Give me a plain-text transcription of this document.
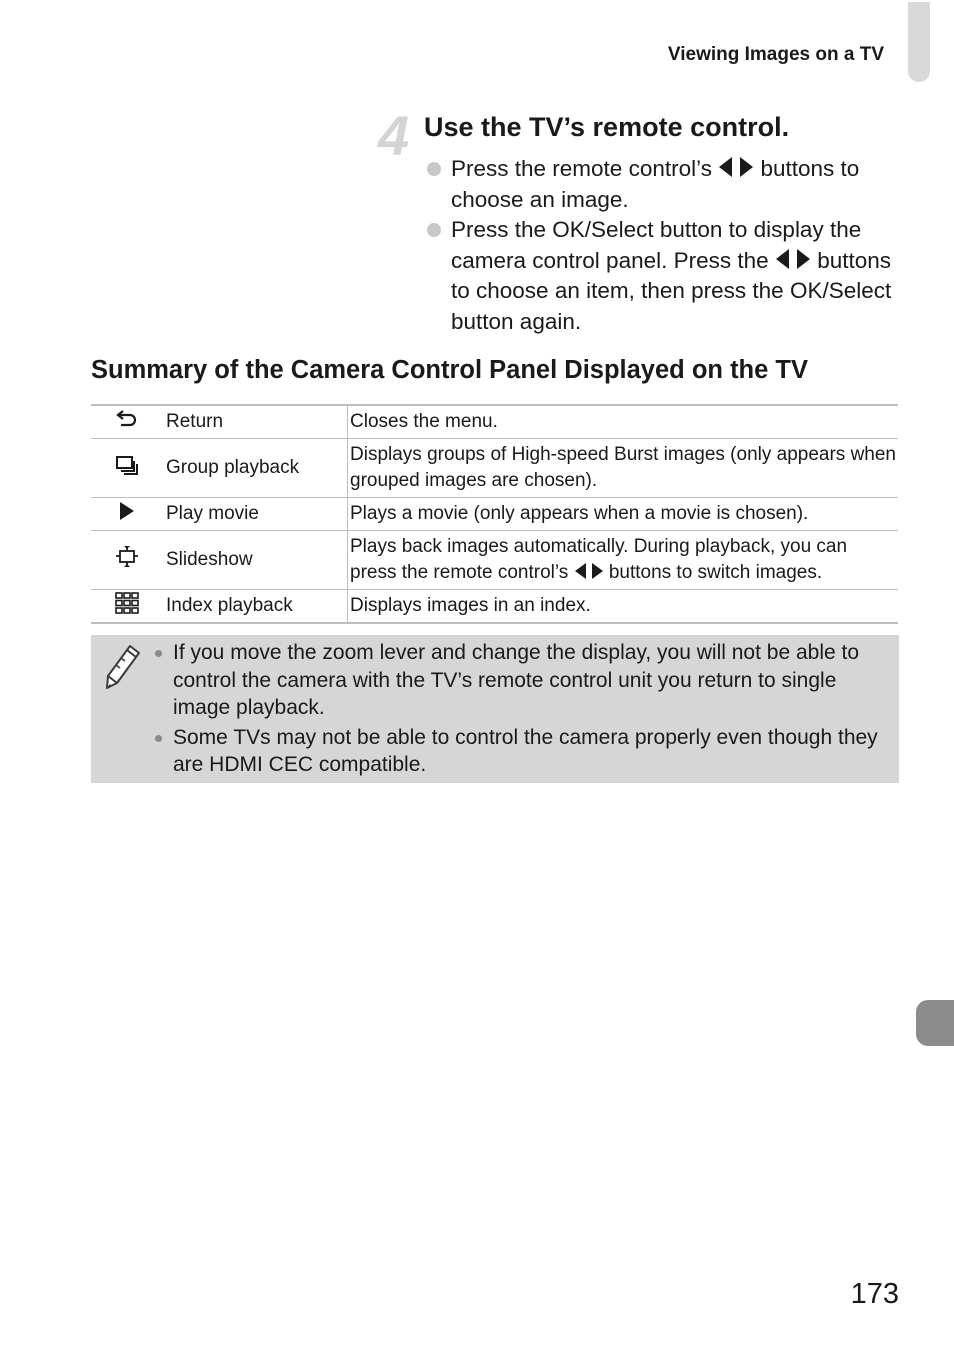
Viewing Images on a TV
4 Use the TV’s remote control.
Press the remote control’s buttons to choose an image.
Press the OK/Select button to display the camera control panel. Press the buttons to choose an item, then press the OK/Select button again.
Summary of the Camera Control Panel Displayed on the TV
	Return	Closes the menu.
	Group playback	Displays groups of High-speed Burst images (only appears when grouped images are chosen).
	Play movie	Plays a movie (only appears when a movie is chosen).
	Slideshow	Plays back images automatically. During playback, you can press the remote control’s buttons to switch images.
	Index playback	Displays images in an index.
If you move the zoom lever and change the display, you will not be able to control the camera with the TV’s remote control unit you return to single image playback.
Some TVs may not be able to control the camera properly even though they are HDMI CEC compatible.
173
